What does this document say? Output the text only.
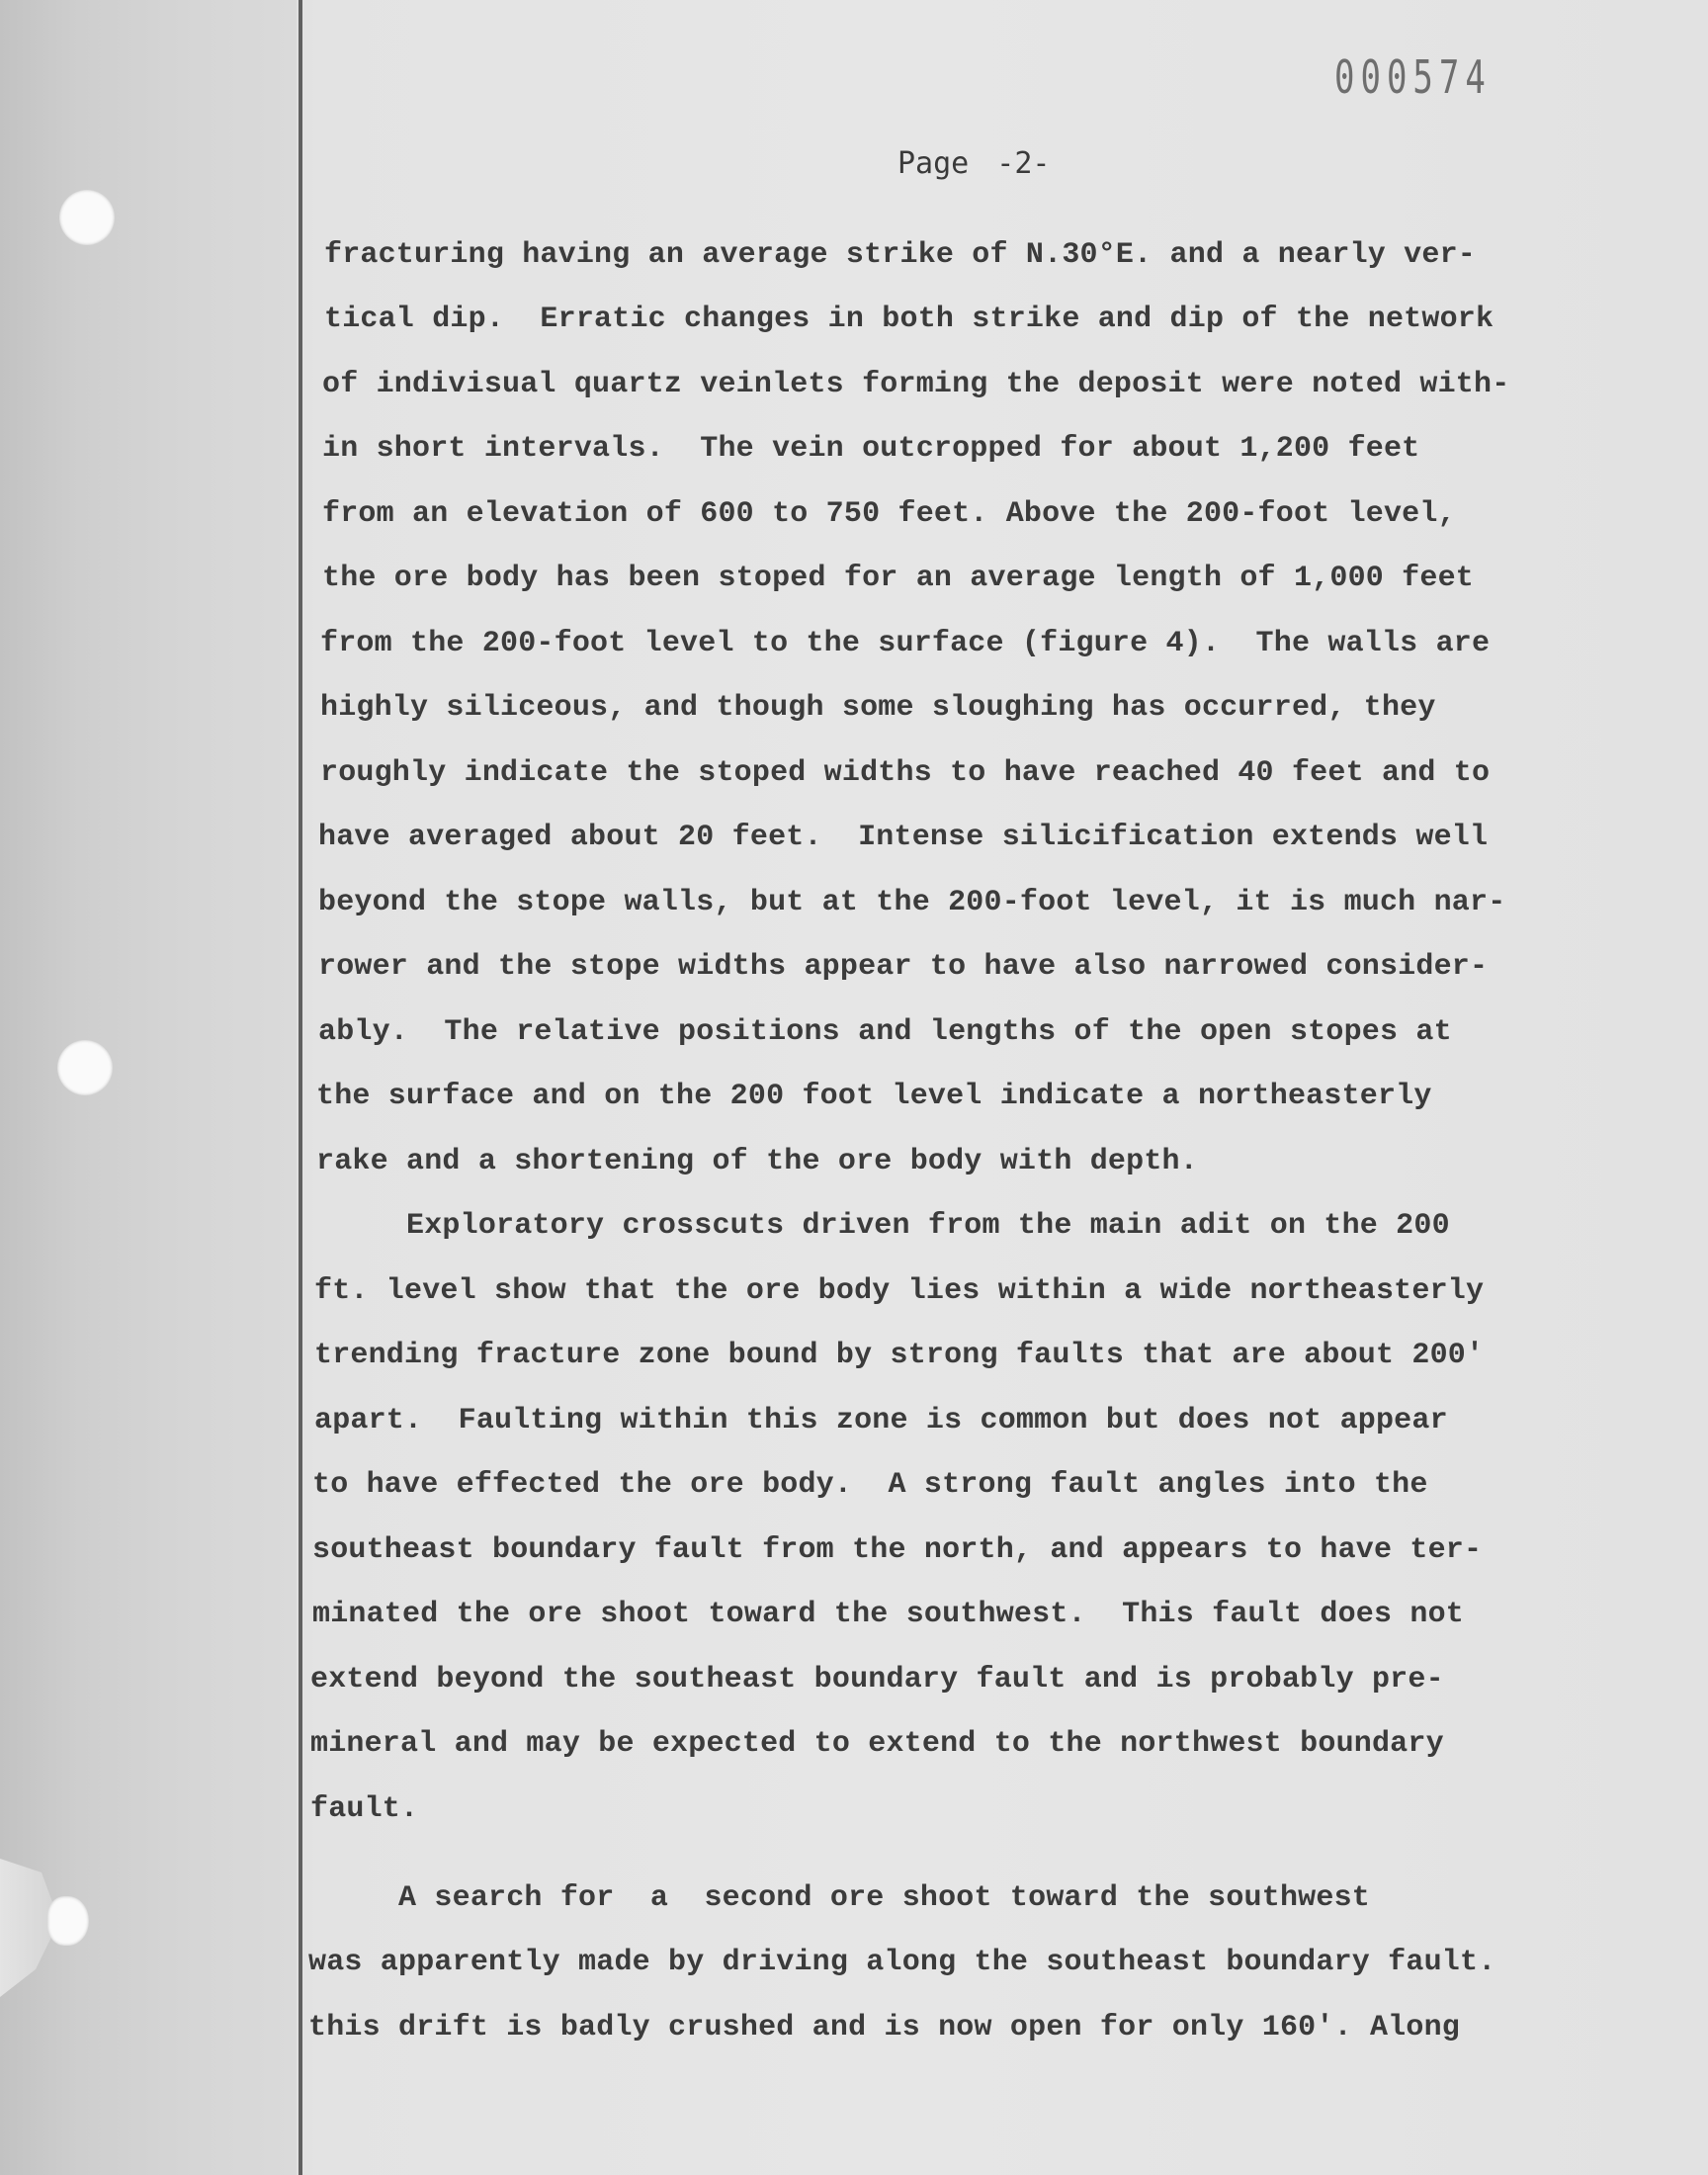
000574
Page -2-
fracturing having an average strike of N.30°E. and a nearly ver-
tical dip.  Erratic changes in both strike and dip of the network
of indivisual quartz veinlets forming the deposit were noted with-
in short intervals.  The vein outcropped for about 1,200 feet
from an elevation of 600 to 750 feet. Above the 200-foot level,
the ore body has been stoped for an average length of 1,000 feet
from the 200-foot level to the surface (figure 4).  The walls are
highly siliceous, and though some sloughing has occurred, they
roughly indicate the stoped widths to have reached 40 feet and to
have averaged about 20 feet.  Intense silicification extends well
beyond the stope walls, but at the 200-foot level, it is much nar-
rower and the stope widths appear to have also narrowed consider-
ably.  The relative positions and lengths of the open stopes at
the surface and on the 200 foot level indicate a northeasterly
rake and a shortening of the ore body with depth.
Exploratory crosscuts driven from the main adit on the 200
ft. level show that the ore body lies within a wide northeasterly
trending fracture zone bound by strong faults that are about 200'
apart.  Faulting within this zone is common but does not appear
to have effected the ore body.  A strong fault angles into the
southeast boundary fault from the north, and appears to have ter-
minated the ore shoot toward the southwest.  This fault does not
extend beyond the southeast boundary fault and is probably pre-
mineral and may be expected to extend to the northwest boundary
fault.
A search for  a  second ore shoot toward the southwest
was apparently made by driving along the southeast boundary fault.
this drift is badly crushed and is now open for only 160'. Along
